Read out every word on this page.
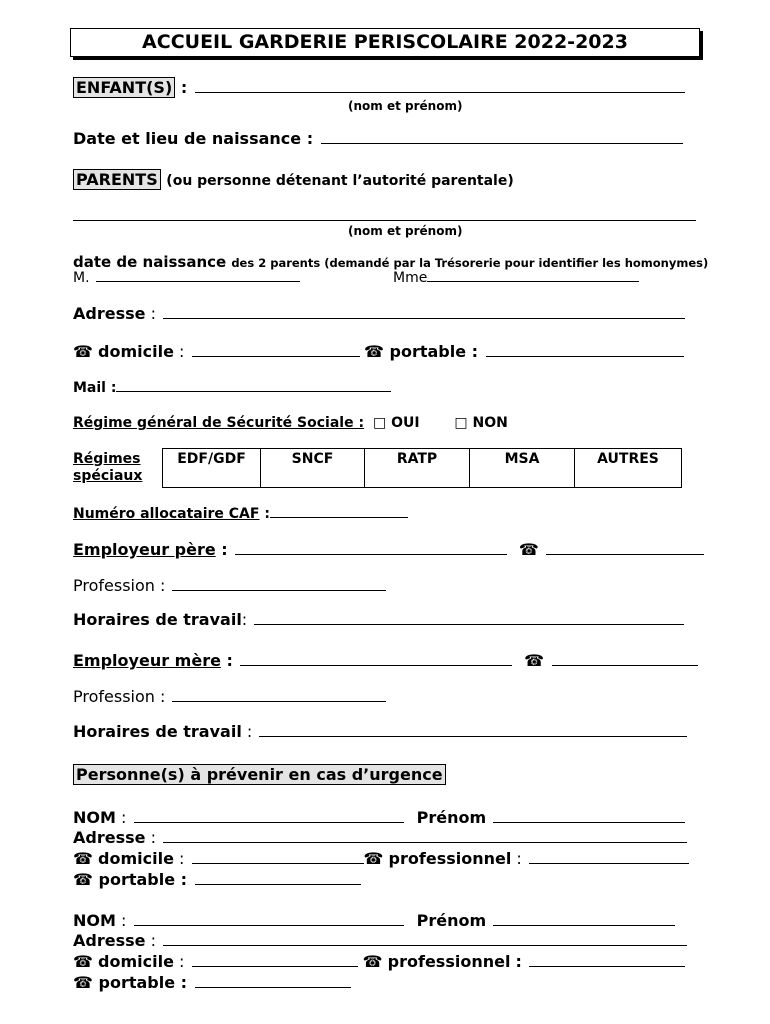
ACCUEIL GARDERIE PERISCOLAIRE 2022-2023
ENFANT(S) :
(nom et prénom)
Date et lieu de naissance :
PARENTS (ou personne détenant l’autorité parentale)
(nom et prénom)
date de naissance des 2 parents (demandé par la Trésorerie pour identifier les homonymes)
M.	Mme
Adresse :
☎ domicile :	☎ portable :
Mail :
Régime général de Sécurité Sociale : □ OUI □ NON
Régimes
spéciaux	EDF/GDF	SNCF	RATP	MSA	AUTRES
Numéro allocataire CAF :
Employeur père :	☎
Profession :
Horaires de travail:
Employeur mère :	☎
Profession :
Horaires de travail :
Personne(s) à prévenir en cas d’urgence
NOM :	Prénom
Adresse :
☎ domicile :	☎ professionnel :
☎ portable :
NOM :	Prénom
Adresse :
☎ domicile :	☎ professionnel :
☎ portable :
